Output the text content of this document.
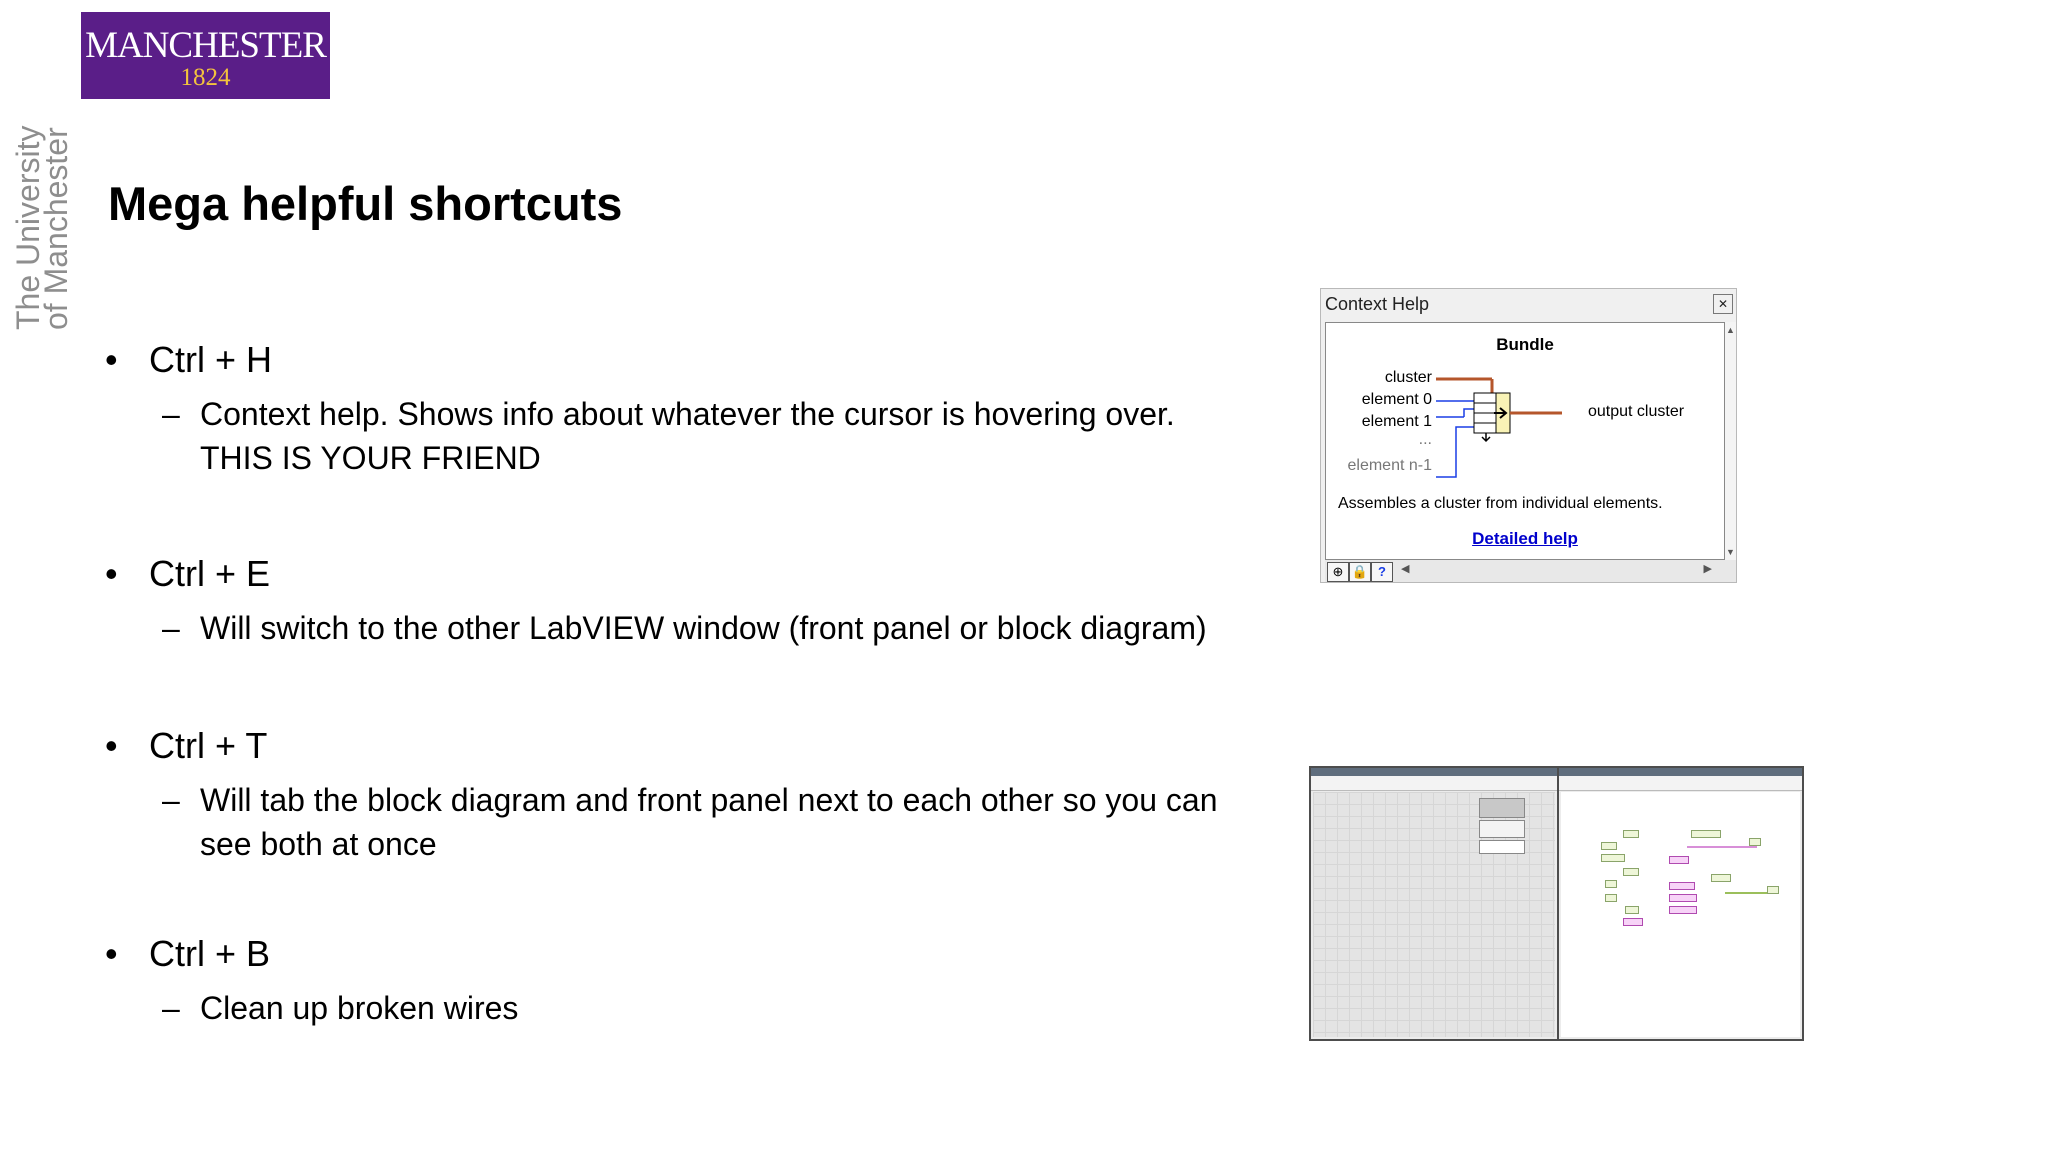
MANCHESTER
1824
The University
of Manchester Mega helpful shortcuts
• Ctrl + H
– Context help. Shows info about whatever the cursor is hovering over.
THIS IS YOUR FRIEND
• Ctrl + E
– Will switch to the other LabVIEW window (front panel or block diagram)
• Ctrl + T
– Will tab the block diagram and front panel next to each other so you can
see both at once
• Ctrl + B
– Clean up broken wires
Context Help	✕
Bundle
cluster
element 0
element 1
...
element n-1
output cluster
Assembles a cluster from individual elements.
Detailed help
▲
▼
⊕ 🔒 ?	◀	▶
